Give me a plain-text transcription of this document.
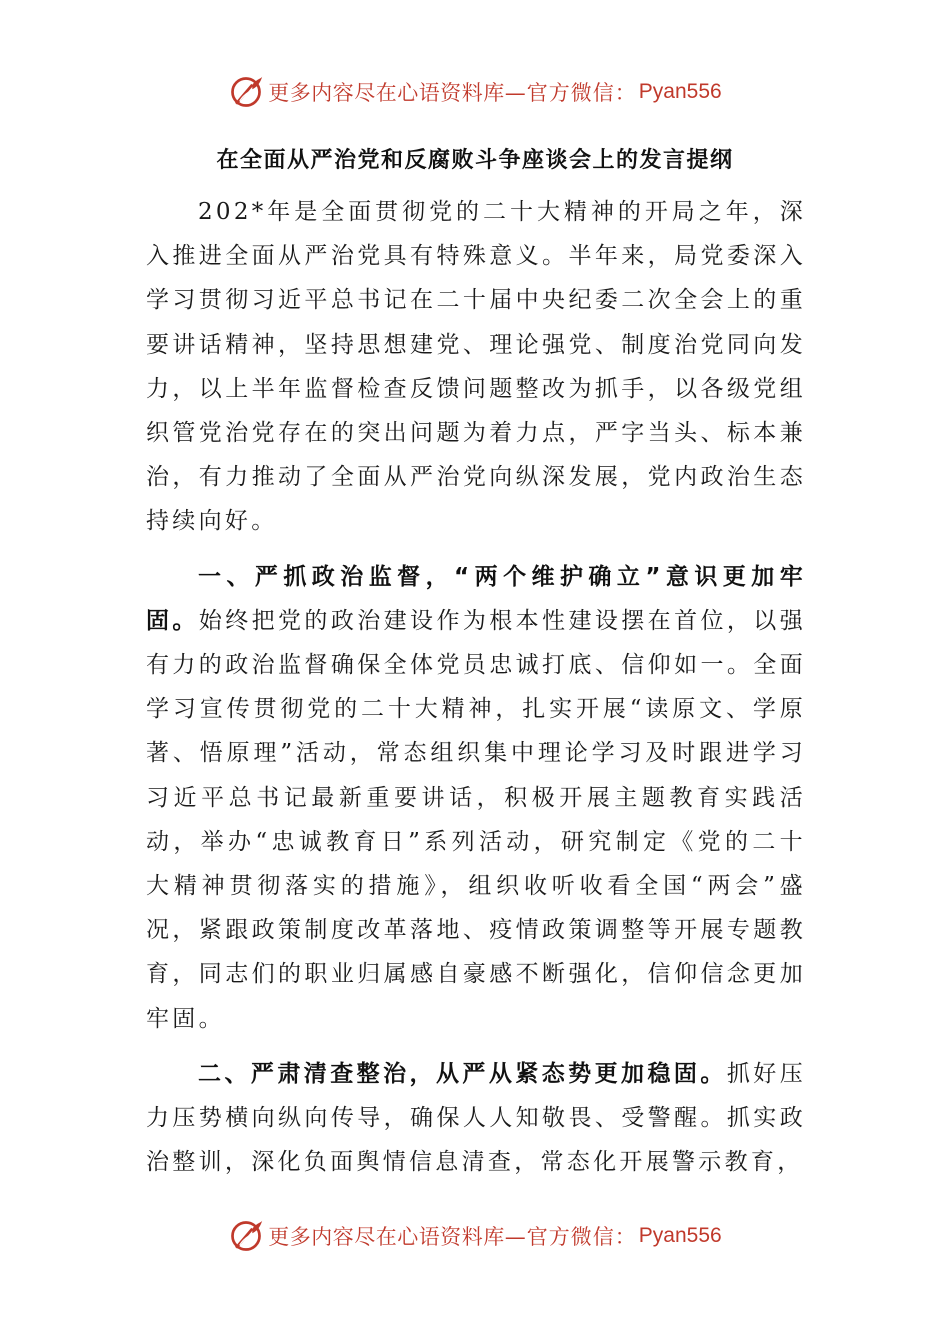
更多内容尽在心语资料库 —官方微信： Pyan556
在全面从严治党和反腐败斗争座谈会上的发言提纲

202*年是全面贯彻党的二十大精神的开局之年，深入推进全面从严治党具有特殊意义。半年来，局党委深入学习贯彻习近平总书记在二十届中央纪委二次全会上的重要讲话精神，坚持思想建党、理论强党、制度治党同向发力，以上半年监督检查反馈问题整改为抓手，以各级党组织管党治党存在的突出问题为着力点，严字当头、标本兼治，有力推动了全面从严治党向纵深发展，党内政治生态持续向好。

一、严抓政治监督，“两个维护确立”意识更加牢固。始终把党的政治建设作为根本性建设摆在首位，以强有力的政治监督确保全体党员忠诚打底、信仰如一。全面学习宣传贯彻党的二十大精神，扎实开展“读原文、学原著、悟原理”活动，常态组织集中理论学习及时跟进学习习近平总书记最新重要讲话，积极开展主题教育实践活动，举办“忠诚教育日”系列活动，研究制定《党的二十大精神贯彻落实的措施》，组织收听收看全国“两会”盛况，紧跟政策制度改革落地、疫情政策调整等开展专题教育，同志们的职业归属感自豪感不断强化，信仰信念更加牢固。

二、严肃清查整治，从严从紧态势更加稳固。抓好压力压势横向纵向传导，确保人人知敬畏、受警醒。抓实政治整训，深化负面舆情信息清查，常态化开展警示教育，

更多内容尽在心语资料库 —官方微信： Pyan556
